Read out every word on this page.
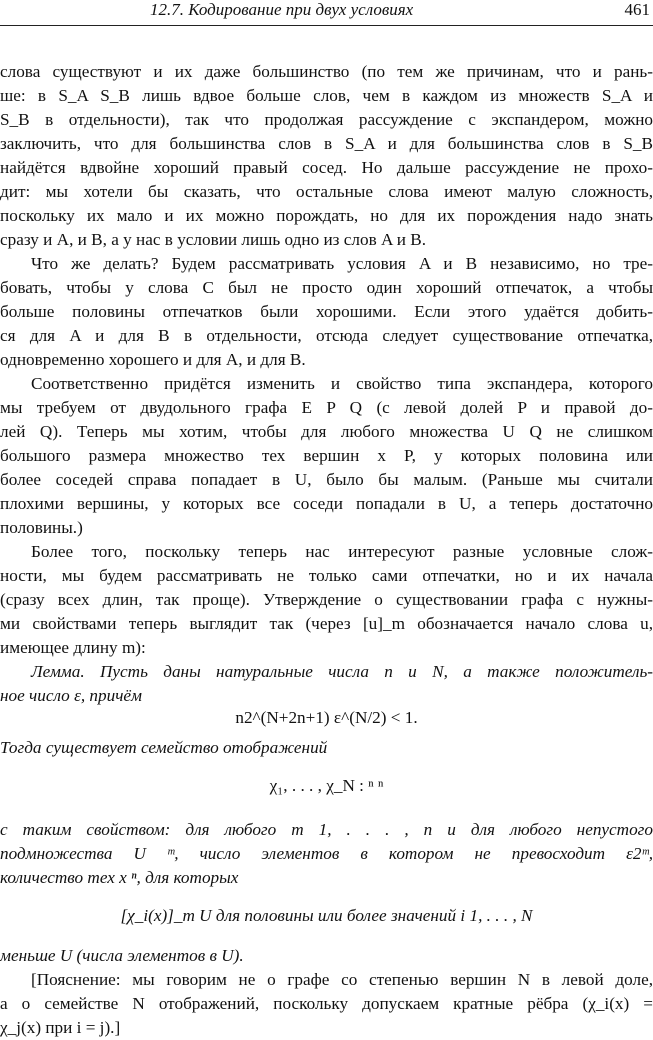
12.7. Кодирование при двух условиях	461
слова существуют и их даже большинство (по тем же причинам, что и рань-
ше: в S_A S_B лишь вдвое больше слов, чем в каждом из множеств S_A и
S_B в отдельности), так что продолжая рассуждение с экспандером, можно
заключить, что для большинства слов в S_A и для большинства слов в S_B
найдётся вдвойне хороший правый сосед. Но дальше рассуждение не прохо-
дит: мы хотели бы сказать, что остальные слова имеют малую сложность,
поскольку их мало и их можно порождать, но для их порождения надо знать
сразу и A, и B, а у нас в условии лишь одно из слов A и B.
Что же делать? Будем рассматривать условия A и B независимо, но тре-
бовать, чтобы у слова C был не просто один хороший отпечаток, а чтобы
больше половины отпечатков были хорошими. Если этого удаётся добить-
ся для A и для B в отдельности, отсюда следует существование отпечатка,
одновременно хорошего и для A, и для B.
Соответственно придётся изменить и свойство типа экспандера, которого
мы требуем от двудольного графа E P Q (с левой долей P и правой до-
лей Q). Теперь мы хотим, чтобы для любого множества U Q не слишком
большого размера множество тех вершин x P, у которых половина или
более соседей справа попадает в U, было бы малым. (Раньше мы считали
плохими вершины, у которых все соседи попадали в U, а теперь достаточно
половины.)
Более того, поскольку теперь нас интересуют разные условные слож-
ности, мы будем рассматривать не только сами отпечатки, но и их начала
(сразу всех длин, так проще). Утверждение о существовании графа с нужны-
ми свойствами теперь выглядит так (через [u]_m обозначается начало слова u,
имеющее длину m):
Лемма. Пусть даны натуральные числа n и N, а также положитель-
ное число ε, причём
n2^(N+2n+1) ε^(N/2) < 1.
Тогда существует семейство отображений
χ₁, . . . , χ_N : ⁿ ⁿ
с таким свойством: для любого m 1, . . . , n и для любого непустого
подмножества U ᵐ, число элементов в котором не превосходит ε2ᵐ,
количество тех x ⁿ, для которых
[χ_i(x)]_m U для половины или более значений i 1, . . . , N
меньше U (числа элементов в U).
[Пояснение: мы говорим не о графе со степенью вершин N в левой доле,
а о семействе N отображений, поскольку допускаем кратные рёбра (χ_i(x) =
χ_j(x) при i = j).]
